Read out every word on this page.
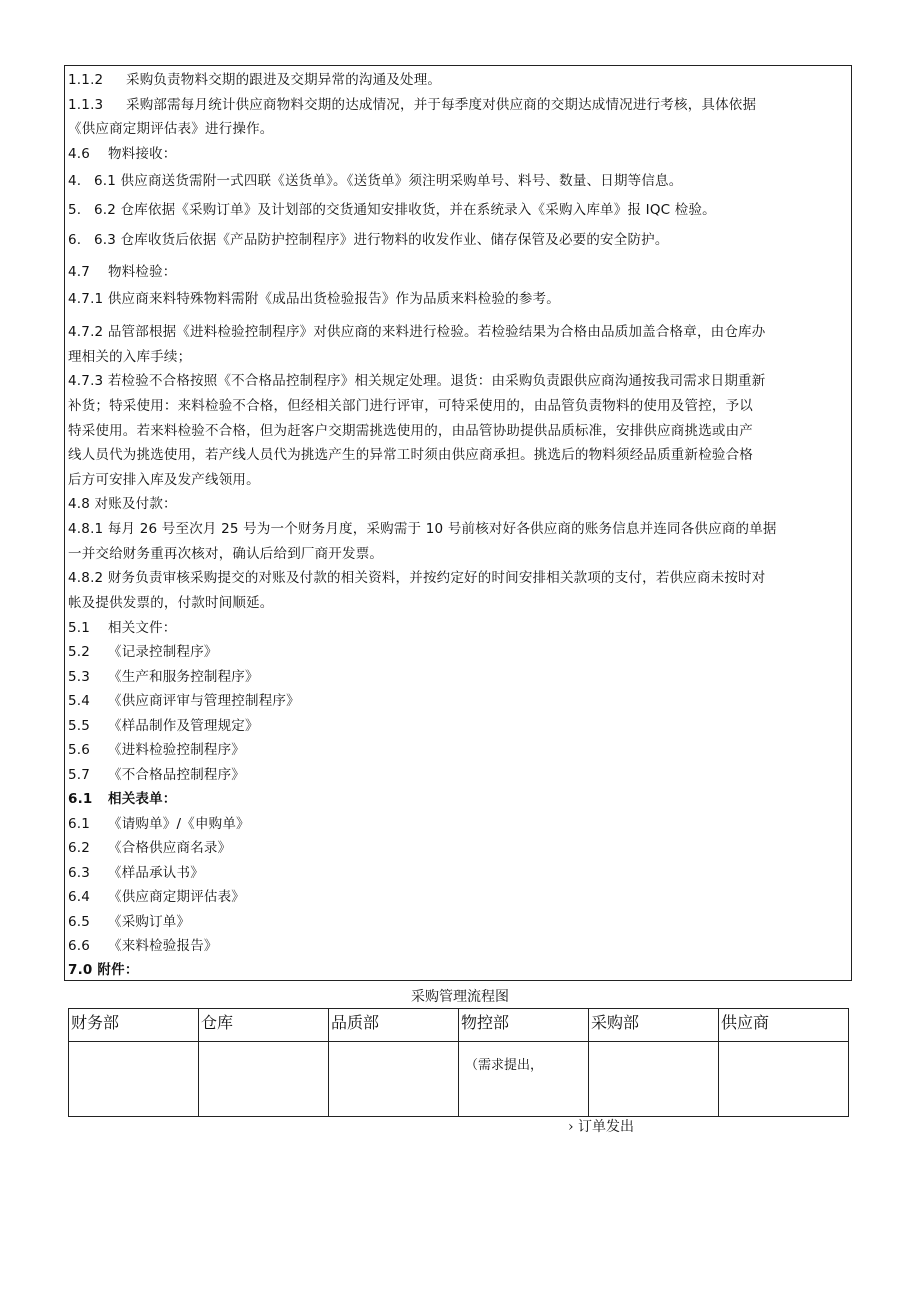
1.1.2 采购负责物料交期的跟进及交期异常的沟通及处理。
1.1.3 采购部需每月统计供应商物料交期的达成情况，并于每季度对供应商的交期达成情况进行考核，具体依据
《供应商定期评估表》进行操作。
4.6 物料接收：
4. 6.1 供应商送货需附一式四联《送货单》。《送货单》须注明采购单号、料号、数量、日期等信息。
5. 6.2 仓库依据《采购订单》及计划部的交货通知安排收货，并在系统录入《采购入库单》报 IQC 检验。
6. 6.3 仓库收货后依据《产品防护控制程序》进行物料的收发作业、储存保管及必要的安全防护。
4.7 物料检验：
4.7.1 供应商来料特殊物料需附《成品出货检验报告》作为品质来料检验的参考。
4.7.2 品管部根据《进料检验控制程序》对供应商的来料进行检验。若检验结果为合格由品质加盖合格章，由仓库办
理相关的入库手续；
4.7.3 若检验不合格按照《不合格品控制程序》相关规定处理。退货：由采购负责跟供应商沟通按我司需求日期重新
补货；特采使用：来料检验不合格，但经相关部门进行评审，可特采使用的，由品管负责物料的使用及管控，予以
特采使用。若来料检验不合格，但为赶客户交期需挑选使用的，由品管协助提供品质标准，安排供应商挑选或由产
线人员代为挑选使用，若产线人员代为挑选产生的异常工时须由供应商承担。挑选后的物料须经品质重新检验合格
后方可安排入库及发产线领用。
4.8 对账及付款：
4.8.1 每月 26 号至次月 25 号为一个财务月度，采购需于 10 号前核对好各供应商的账务信息并连同各供应商的单据
一并交给财务重再次核对，确认后给到厂商开发票。
4.8.2 财务负责审核采购提交的对账及付款的相关资料，并按约定好的时间安排相关款项的支付，若供应商未按时对
帐及提供发票的，付款时间顺延。
5.1 相关文件：
5.2 《记录控制程序》
5.3 《生产和服务控制程序》
5.4 《供应商评审与管理控制程序》
5.5 《样品制作及管理规定》
5.6 《进料检验控制程序》
5.7 《不合格品控制程序》
6.1 相关表单：
6.1 《请购单》/《申购单》
6.2 《合格供应商名录》
6.3 《样品承认书》
6.4 《供应商定期评估表》
6.5 《采购订单》
6.6 《来料检验报告》
7.0 附件：
采购管理流程图
财务部	仓库	品质部	物控部	采购部	供应商

			（需求提出，		

› 订单发出
